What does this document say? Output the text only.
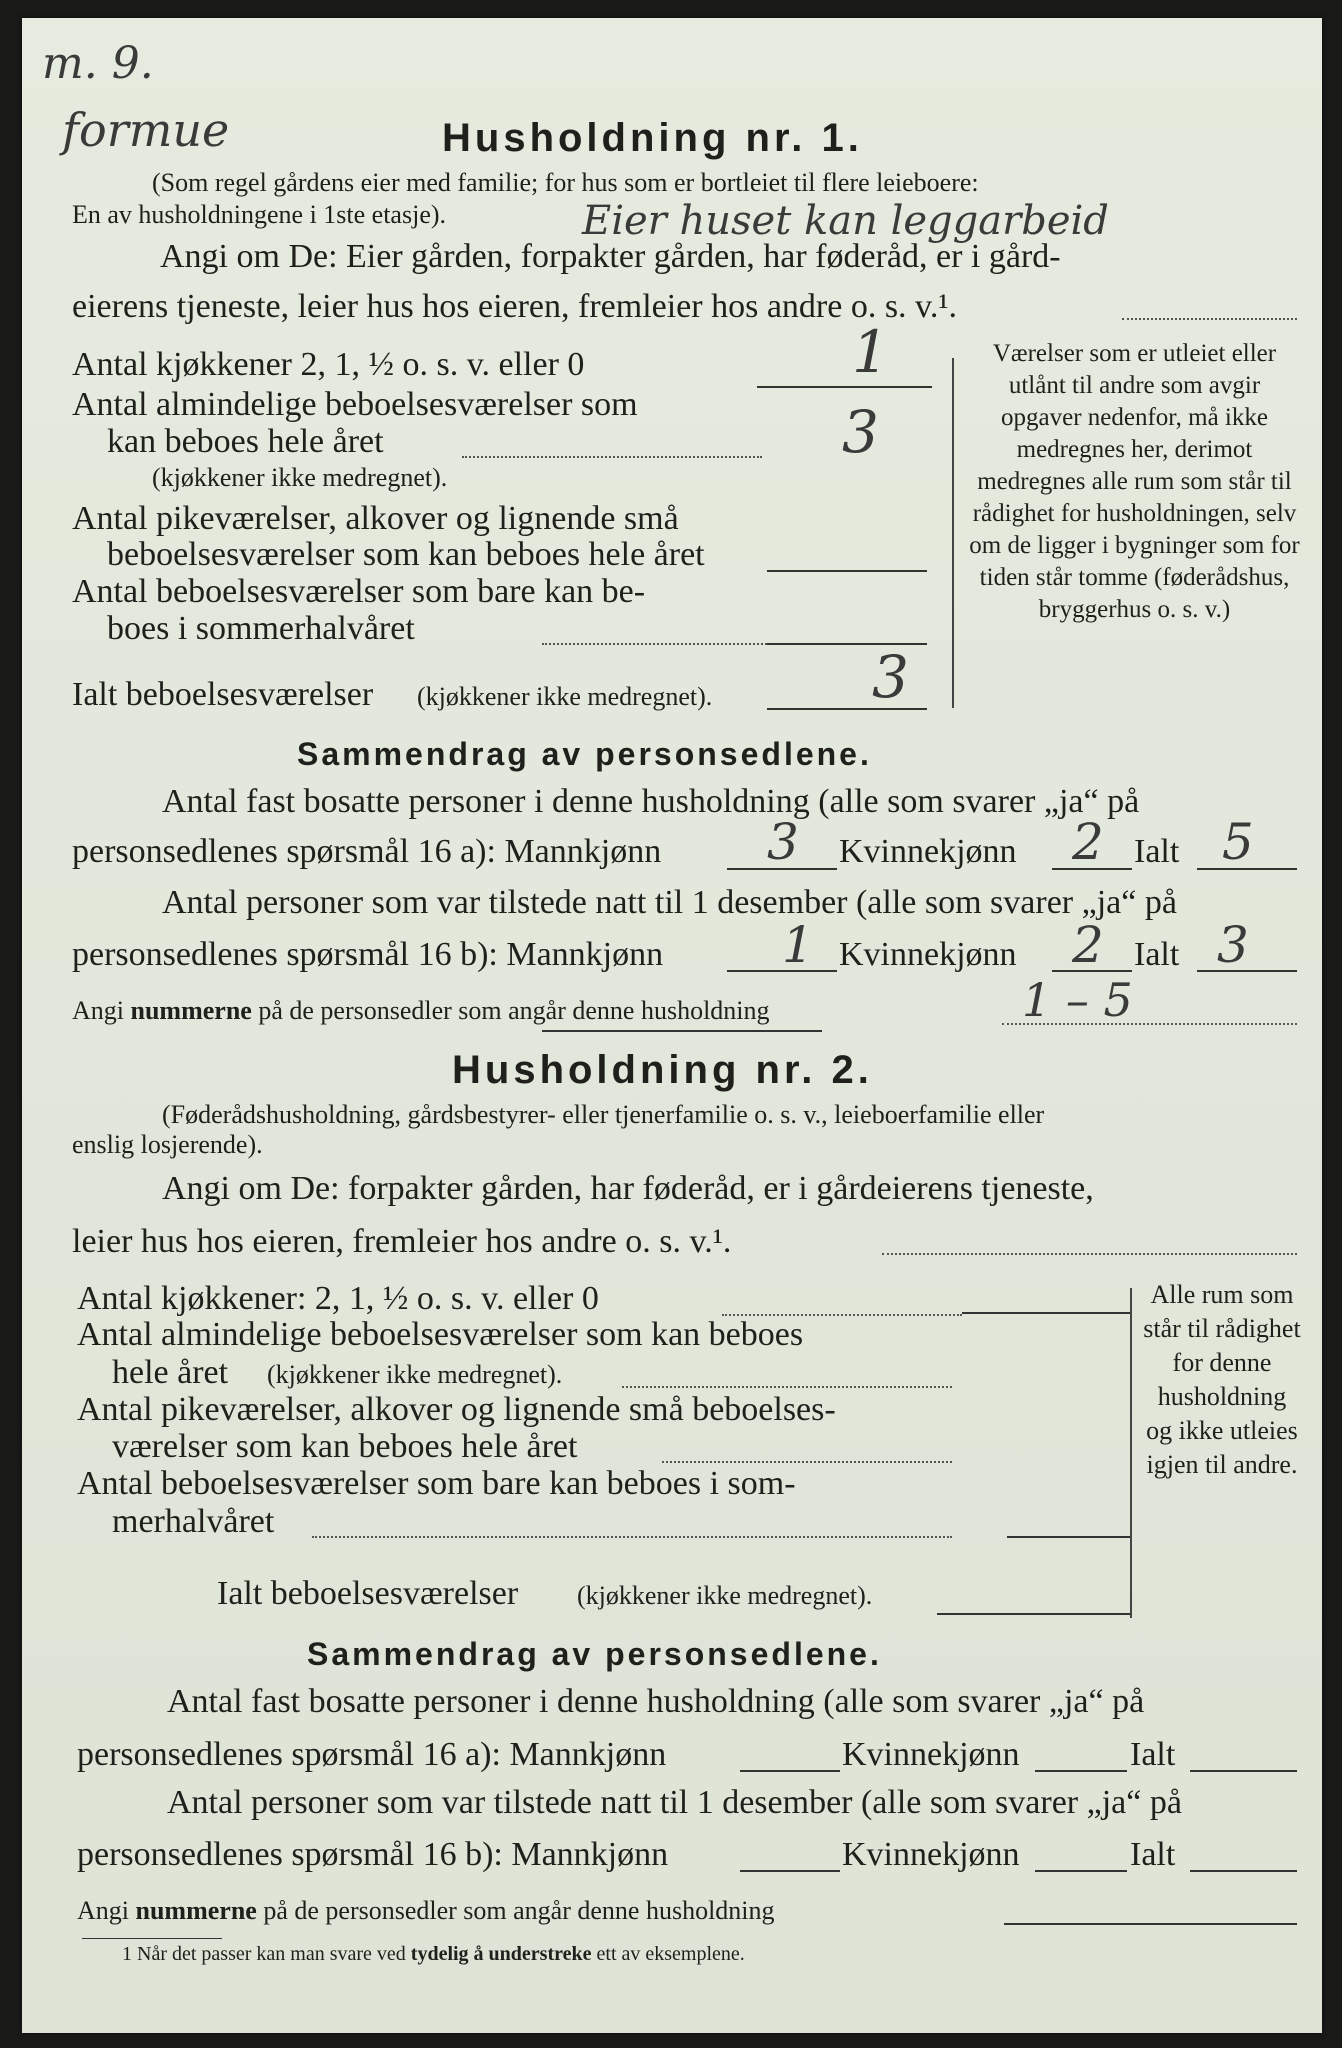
m. 9.
formue	Husholdning nr. 1.
(Som regel gårdens eier med familie; for hus som er bortleiet til flere leieboere:
En av husholdningene i 1ste etasje).	Eier huset kan leggarbeid
Angi om De: Eier gården, forpakter gården, har føderåd, er i gård-
eierens tjeneste, leier hus hos eieren, fremleier hos andre o. s. v.¹.
Antal kjøkkener 2, 1, ½ o. s. v. eller 0	1
Antal almindelige beboelsesværelser som
kan beboes hele året
(kjøkkener ikke medregnet).
3
Antal pikeværelser, alkover og lignende små
beboelsesværelser som kan beboes hele året
Antal beboelsesværelser som bare kan be-
boes i sommerhalvåret
Ialt beboelsesværelser (kjøkkener ikke medregnet).	3
Værelser som er utleiet eller utlånt til andre som avgir opgaver nedenfor, må ikke medregnes her, derimot medregnes alle rum som står til rådighet for husholdningen, selv om de ligger i bygninger som for tiden står tomme (føderådshus, bryggerhus o. s. v.)
Sammendrag av personsedlene.
Antal fast bosatte personer i denne husholdning (alle som svarer „ja“ på
personsedlenes spørsmål 16 a): Mannkjønn 3 Kvinnekjønn 2 Ialt 5
Antal personer som var tilstede natt til 1 desember (alle som svarer „ja“ på
personsedlenes spørsmål 16 b): Mannkjønn 1 Kvinnekjønn 2 Ialt 3
Angi nummerne på de personsedler som angår denne husholdning	1 – 5
Husholdning nr. 2.
(Føderådshusholdning, gårdsbestyrer- eller tjenerfamilie o. s. v., leieboerfamilie eller
enslig losjerende).
Angi om De: forpakter gården, har føderåd, er i gårdeierens tjeneste,
leier hus hos eieren, fremleier hos andre o. s. v.¹.
Antal kjøkkener: 2, 1, ½ o. s. v. eller 0
Antal almindelige beboelsesværelser som kan beboes
hele året (kjøkkener ikke medregnet).
Antal pikeværelser, alkover og lignende små beboelses-
værelser som kan beboes hele året
Antal beboelsesværelser som bare kan beboes i som-
merhalvåret
Ialt beboelsesværelser (kjøkkener ikke medregnet).
Alle rum som står til rådighet for denne husholdning og ikke utleies igjen til andre.
Sammendrag av personsedlene.
Antal fast bosatte personer i denne husholdning (alle som svarer „ja“ på
personsedlenes spørsmål 16 a): Mannkjønn	Kvinnekjønn	Ialt
Antal personer som var tilstede natt til 1 desember (alle som svarer „ja“ på
personsedlenes spørsmål 16 b): Mannkjønn	Kvinnekjønn	Ialt
Angi nummerne på de personsedler som angår denne husholdning
1 Når det passer kan man svare ved tydelig å understreke ett av eksemplene.
